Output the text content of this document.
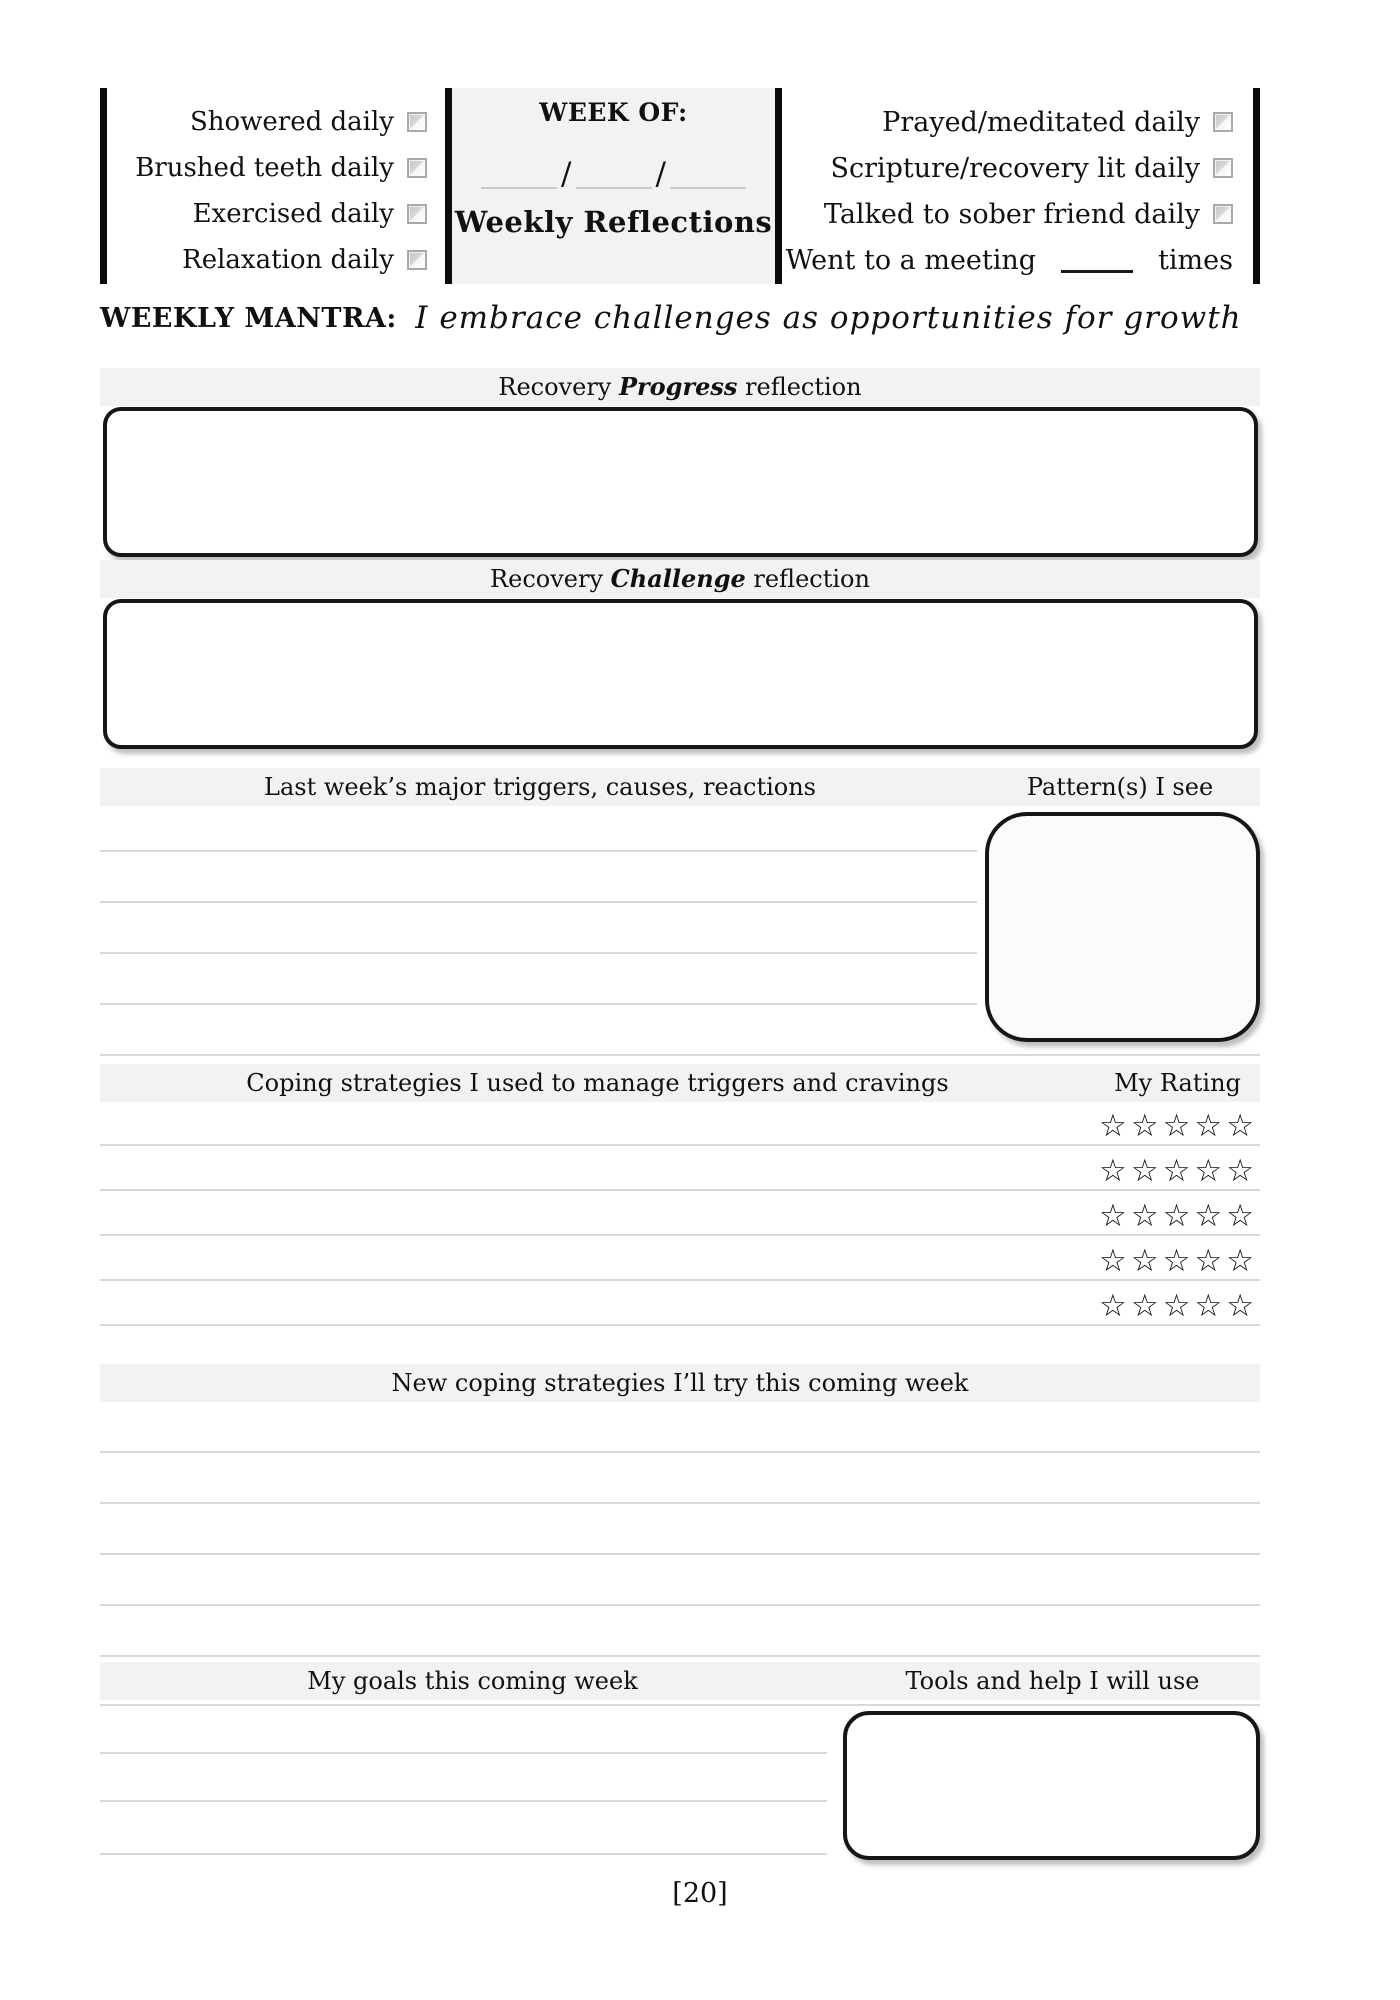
Showered daily
Brushed teeth daily
Exercised daily
Relaxation daily
WEEK OF:
/	/
Weekly Reflections
Prayed/meditated daily
Scripture/recovery lit daily
Talked to sober friend daily
Went to a meeting	times
WEEKLY MANTRA: I embrace challenges as opportunities for growth
Recovery Progress reflection
Recovery Challenge reflection
Last week’s major triggers, causes, reactions	Pattern(s) I see
Coping strategies I used to manage triggers and cravings	My Rating
☆☆☆☆☆
☆☆☆☆☆
☆☆☆☆☆
☆☆☆☆☆
☆☆☆☆☆
New coping strategies I’ll try this coming week
My goals this coming week	Tools and help I will use
[20]
